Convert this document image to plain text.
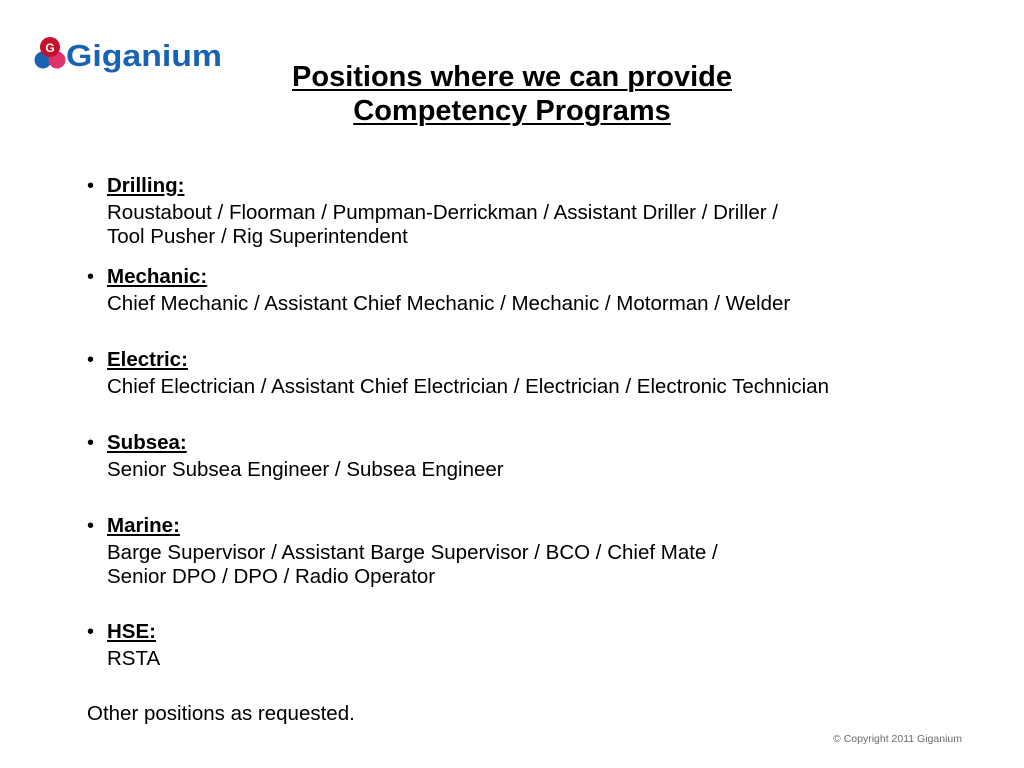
G Giganium
Positions where we can provide
Competency Programs
• Drilling:
Roustabout / Floorman / Pumpman-Derrickman / Assistant Driller / Driller /
Tool Pusher / Rig Superintendent
• Mechanic:
Chief Mechanic / Assistant Chief Mechanic / Mechanic / Motorman / Welder
• Electric:
Chief Electrician / Assistant Chief Electrician / Electrician / Electronic Technician
• Subsea:
Senior Subsea Engineer / Subsea Engineer
• Marine:
Barge Supervisor / Assistant Barge Supervisor / BCO / Chief Mate /
Senior DPO / DPO / Radio Operator
• HSE:
RSTA
Other positions as requested.
© Copyright 2011 Giganium
